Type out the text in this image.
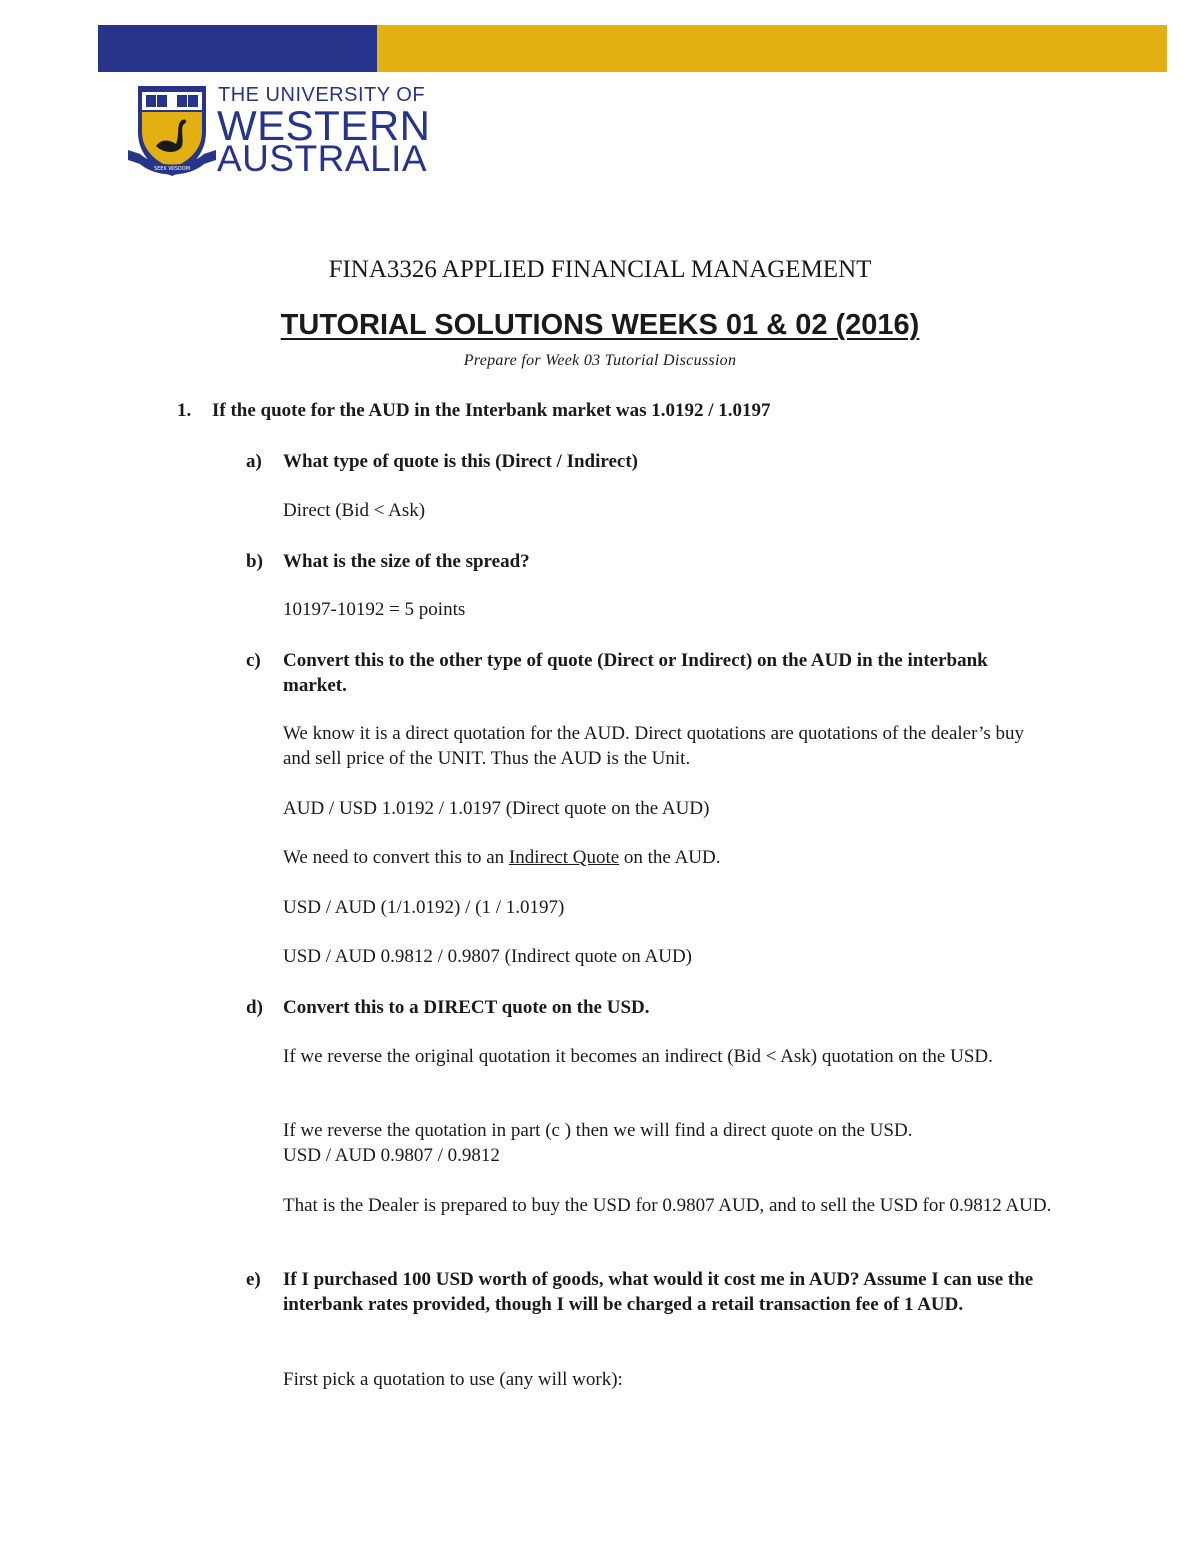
SEEK WISDOM
THE UNIVERSITY OF
WESTERN
AUSTRALIA
FINA3326 APPLIED FINANCIAL MANAGEMENT
TUTORIAL SOLUTIONS WEEKS 01 & 02 (2016)
Prepare for Week 03 Tutorial Discussion
1. If the quote for the AUD in the Interbank market was 1.0192 / 1.0197
a) What type of quote is this (Direct / Indirect)
Direct (Bid < Ask)
b) What is the size of the spread?
10197-10192 = 5 points
c) Convert this to the other type of quote (Direct or Indirect) on the AUD in the interbank market.
We know it is a direct quotation for the AUD. Direct quotations are quotations of the dealer’s buy and sell price of the UNIT. Thus the AUD is the Unit.
AUD / USD 1.0192 / 1.0197 (Direct quote on the AUD)
We need to convert this to an Indirect Quote on the AUD.
USD / AUD (1/1.0192) / (1 / 1.0197)
USD / AUD 0.9812 / 0.9807 (Indirect quote on AUD)
d) Convert this to a DIRECT quote on the USD.
If we reverse the original quotation it becomes an indirect (Bid < Ask) quotation on the USD.
If we reverse the quotation in part (c ) then we will find a direct quote on the USD.
USD / AUD 0.9807 / 0.9812
That is the Dealer is prepared to buy the USD for 0.9807 AUD, and to sell the USD for 0.9812 AUD.
e) If I purchased 100 USD worth of goods, what would it cost me in AUD? Assume I can use the interbank rates provided, though I will be charged a retail transaction fee of 1 AUD.
First pick a quotation to use (any will work):
